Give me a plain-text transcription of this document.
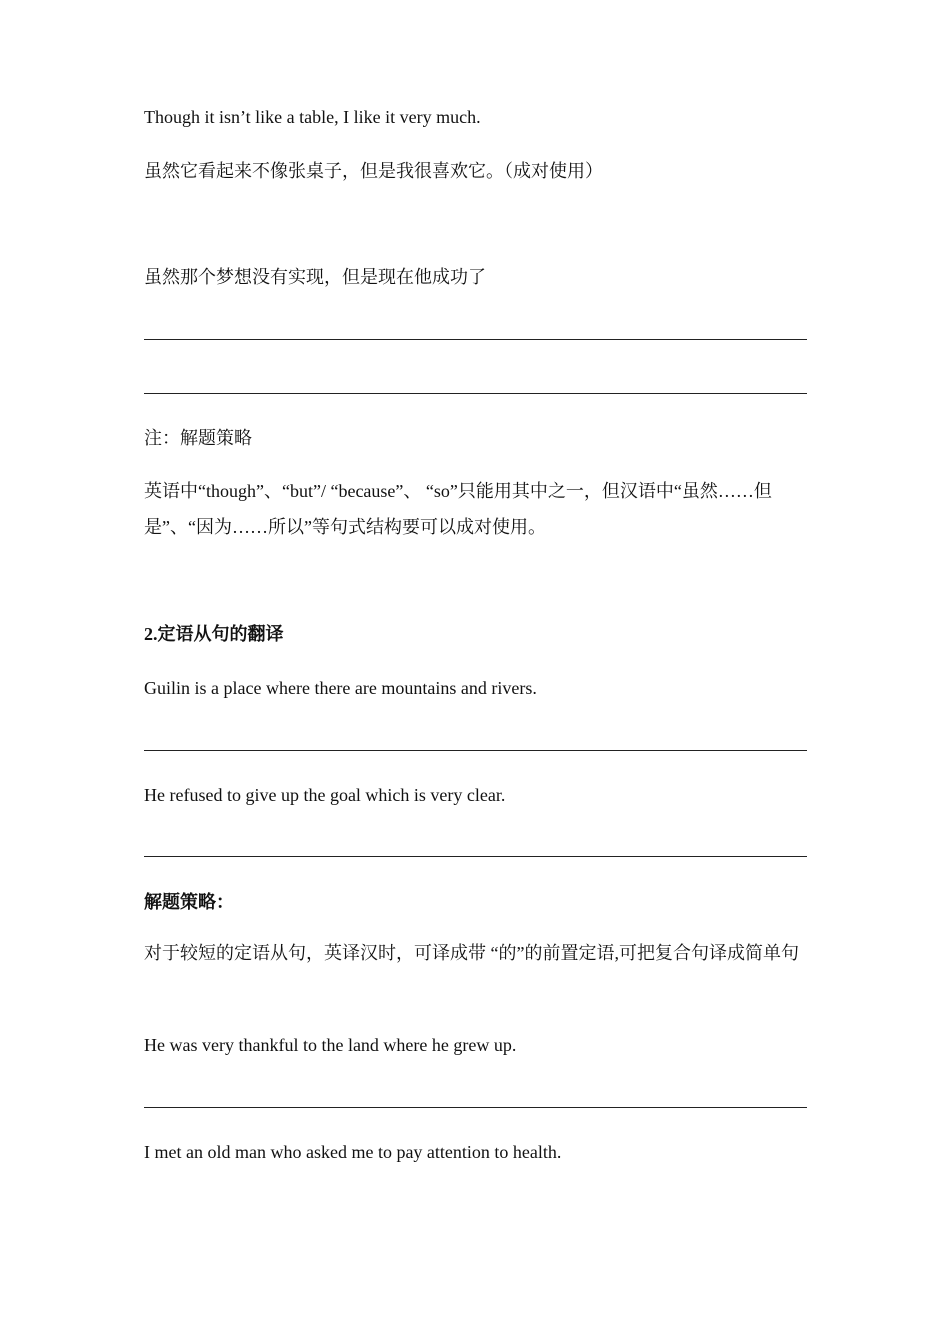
Though it isn’t like a table, I like it very much.
虽然它看起来不像张桌子，但是我很喜欢它。（成对使用）
虽然那个梦想没有实现，但是现在他成功了
注：解题策略
英语中“though”、“but”/ “because”、 “so”只能用其中之一，但汉语中“虽然……但是”、“因为……所以”等句式结构要可以成对使用。
2.定语从句的翻译
Guilin is a place where there are mountains and rivers.
He refused to give up the goal which is very clear.
解题策略：
对于较短的定语从句，英译汉时，可译成带 “的”的前置定语,可把复合句译成简单句
He was very thankful to the land where he grew up.
I met an old man who asked me to pay attention to health.
